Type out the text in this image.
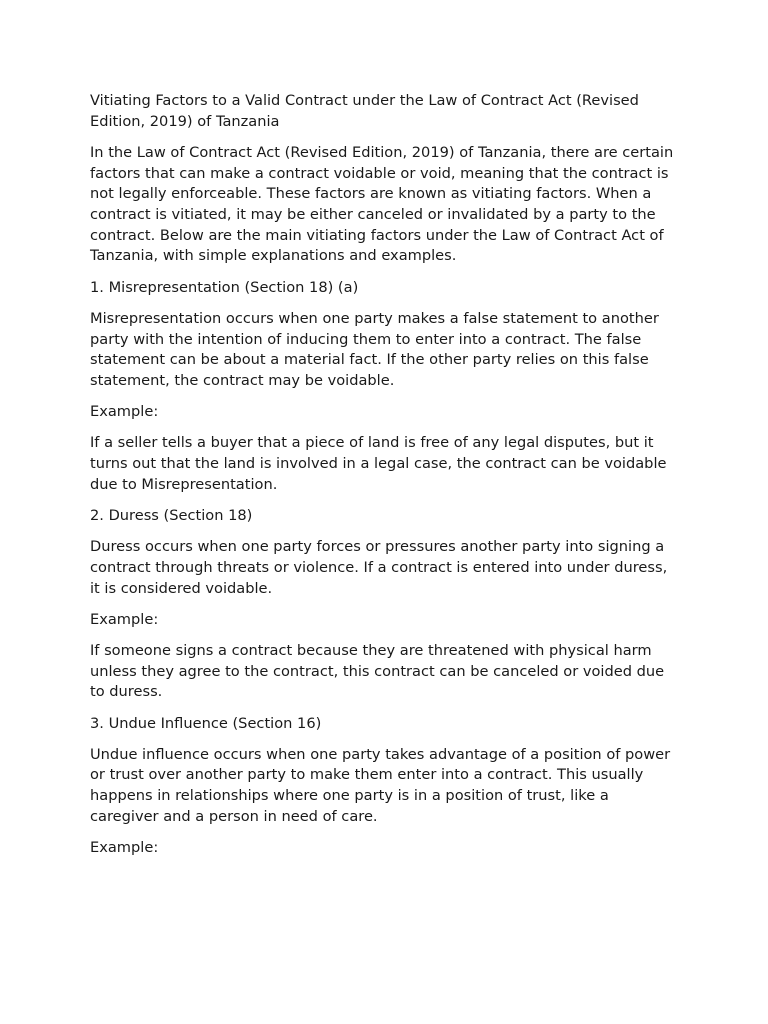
Vitiating Factors to a Valid Contract under the Law of Contract Act (Revised Edition, 2019) of Tanzania

In the Law of Contract Act (Revised Edition, 2019) of Tanzania, there are certain factors that can make a contract voidable or void, meaning that the contract is not legally enforceable. These factors are known as vitiating factors. When a contract is vitiated, it may be either canceled or invalidated by a party to the contract. Below are the main vitiating factors under the Law of Contract Act of Tanzania, with simple explanations and examples.

1. Misrepresentation (Section 18) (a)

Misrepresentation occurs when one party makes a false statement to another party with the intention of inducing them to enter into a contract. The false statement can be about a material fact. If the other party relies on this false statement, the contract may be voidable.

Example:

If a seller tells a buyer that a piece of land is free of any legal disputes, but it turns out that the land is involved in a legal case, the contract can be voidable due to Misrepresentation.

2. Duress (Section 18)

Duress occurs when one party forces or pressures another party into signing a contract through threats or violence. If a contract is entered into under duress, it is considered voidable.

Example:

If someone signs a contract because they are threatened with physical harm unless they agree to the contract, this contract can be canceled or voided due to duress.

3. Undue Influence (Section 16)

Undue influence occurs when one party takes advantage of a position of power or trust over another party to make them enter into a contract. This usually happens in relationships where one party is in a position of trust, like a caregiver and a person in need of care.

Example:
